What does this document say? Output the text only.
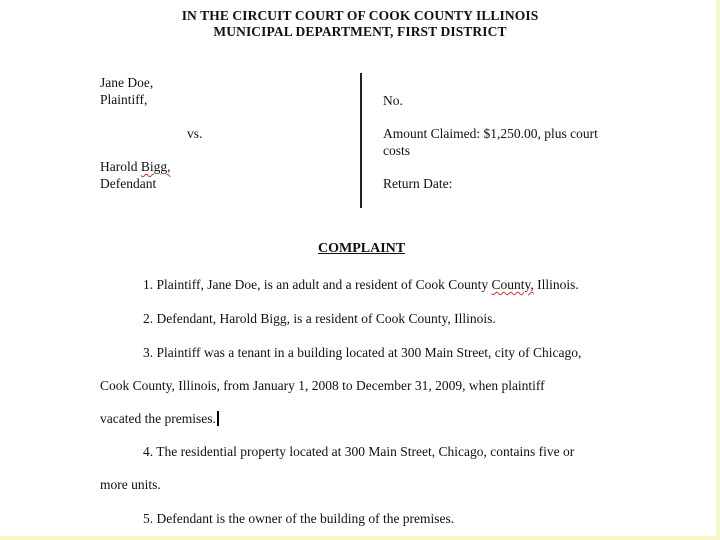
IN THE CIRCUIT COURT OF COOK COUNTY ILLINOIS
MUNICIPAL DEPARTMENT, FIRST DISTRICT
Jane Doe,
Plaintiff,
vs.
Harold Bigg,
Defendant
No.
Amount Claimed: $1,250.00, plus court
costs
Return Date:
COMPLAINT
1. Plaintiff, Jane Doe, is an adult and a resident of Cook County County, Illinois.
2. Defendant, Harold Bigg, is a resident of Cook County, Illinois.
3. Plaintiff was a tenant in a building located at 300 Main Street, city of Chicago,
Cook County, Illinois, from January 1, 2008 to December 31, 2009, when plaintiff
vacated the premises.
4. The residential property located at 300 Main Street, Chicago, contains five or
more units.
5. Defendant is the owner of the building of the premises.
